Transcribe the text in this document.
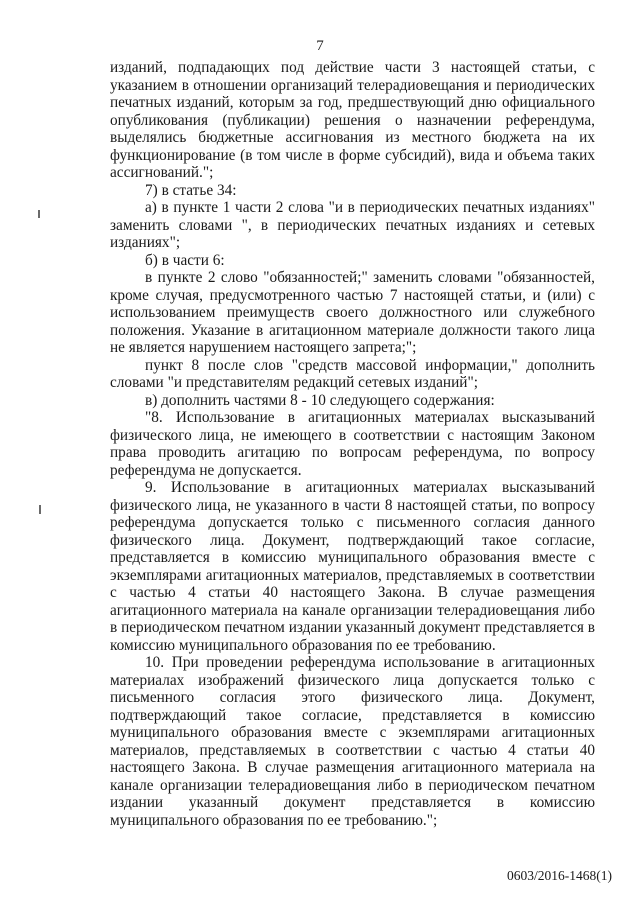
7

изданий, подпадающих под действие части 3 настоящей статьи, с указанием в отношении организаций телерадиовещания и периодических печатных изданий, которым за год, предшествующий дню официального опубликования (публикации) решения о назначении референдума, выделялись бюджетные ассигнования из местного бюджета на их функционирование (в том числе в форме субсидий), вида и объема таких ассигнований.";

7) в статье 34:

а) в пункте 1 части 2 слова "и в периодических печатных изданиях" заменить словами ", в периодических печатных изданиях и сетевых изданиях";

б) в части 6:

в пункте 2 слово "обязанностей;" заменить словами "обязанностей, кроме случая, предусмотренного частью 7 настоящей статьи, и (или) с использованием преимуществ своего должностного или служебного положения. Указание в агитационном материале должности такого лица не является нарушением настоящего запрета;";

пункт 8 после слов "средств массовой информации," дополнить словами "и представителям редакций сетевых изданий";

в) дополнить частями 8 - 10 следующего содержания:

"8. Использование в агитационных материалах высказываний физического лица, не имеющего в соответствии с настоящим Законом права проводить агитацию по вопросам референдума, по вопросу референдума не допускается.

9. Использование в агитационных материалах высказываний физического лица, не указанного в части 8 настоящей статьи, по вопросу референдума допускается только с письменного согласия данного физического лица. Документ, подтверждающий такое согласие, представляется в комиссию муниципального образования вместе с экземплярами агитационных материалов, представляемых в соответствии с частью 4 статьи 40 настоящего Закона. В случае размещения агитационного материала на канале организации телерадиовещания либо в периодическом печатном издании указанный документ представляется в комиссию муниципального образования по ее требованию.

10. При проведении референдума использование в агитационных материалах изображений физического лица допускается только с письменного согласия этого физического лица. Документ, подтверждающий такое согласие, представляется в комиссию муниципального образования вместе с экземплярами агитационных материалов, представляемых в соответствии с частью 4 статьи 40 настоящего Закона. В случае размещения агитационного материала на канале организации телерадиовещания либо в периодическом печатном издании указанный документ представляется в комиссию муниципального образования по ее требованию.";

0603/2016-1468(1)
